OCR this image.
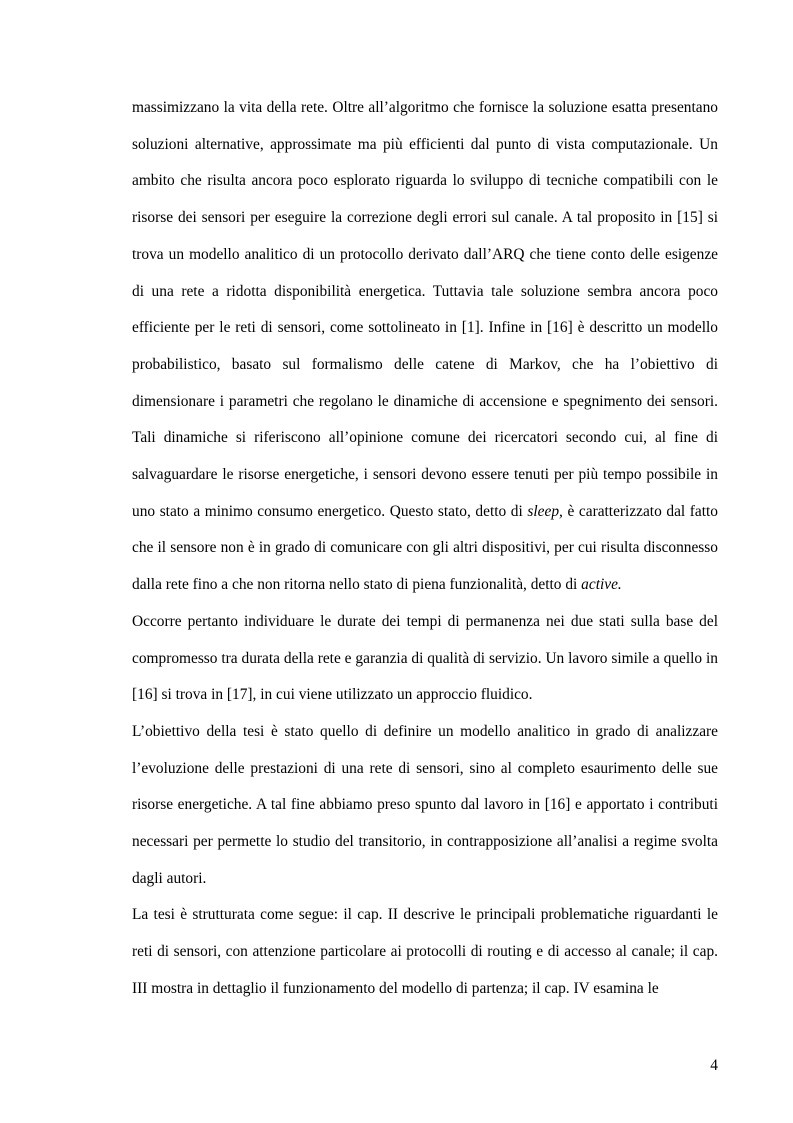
massimizzano la vita della rete. Oltre all’algoritmo che fornisce la soluzione esatta presentano soluzioni alternative, approssimate ma più efficienti dal punto di vista computazionale. Un ambito che risulta ancora poco esplorato riguarda lo sviluppo di tecniche compatibili con le risorse dei sensori per eseguire la correzione degli errori sul canale. A tal proposito in [15] si trova un modello analitico di un protocollo derivato dall’ARQ che tiene conto delle esigenze di una rete a ridotta disponibilità energetica. Tuttavia tale soluzione sembra ancora poco efficiente per le reti di sensori, come sottolineato in [1]. Infine in [16] è descritto un modello probabilistico, basato sul formalismo delle catene di Markov, che ha l’obiettivo di dimensionare i parametri che regolano le dinamiche di accensione e spegnimento dei sensori. Tali dinamiche si riferiscono all’opinione comune dei ricercatori secondo cui, al fine di salvaguardare le risorse energetiche, i sensori devono essere tenuti per più tempo possibile in uno stato a minimo consumo energetico. Questo stato, detto di sleep, è caratterizzato dal fatto che il sensore non è in grado di comunicare con gli altri dispositivi, per cui risulta disconnesso dalla rete fino a che non ritorna nello stato di piena funzionalità, detto di active.

Occorre pertanto individuare le durate dei tempi di permanenza nei due stati sulla base del compromesso tra durata della rete e garanzia di qualità di servizio. Un lavoro simile a quello in [16] si trova in [17], in cui viene utilizzato un approccio fluidico.

L’obiettivo della tesi è stato quello di definire un modello analitico in grado di analizzare l’evoluzione delle prestazioni di una rete di sensori, sino al completo esaurimento delle sue risorse energetiche. A tal fine abbiamo preso spunto dal lavoro in [16] e apportato i contributi necessari per permette lo studio del transitorio, in contrapposizione all’analisi a regime svolta dagli autori.

La tesi è strutturata come segue: il cap. II descrive le principali problematiche riguardanti le reti di sensori, con attenzione particolare ai protocolli di routing e di accesso al canale; il cap. III mostra in dettaglio il funzionamento del modello di partenza; il cap. IV esamina le

4
